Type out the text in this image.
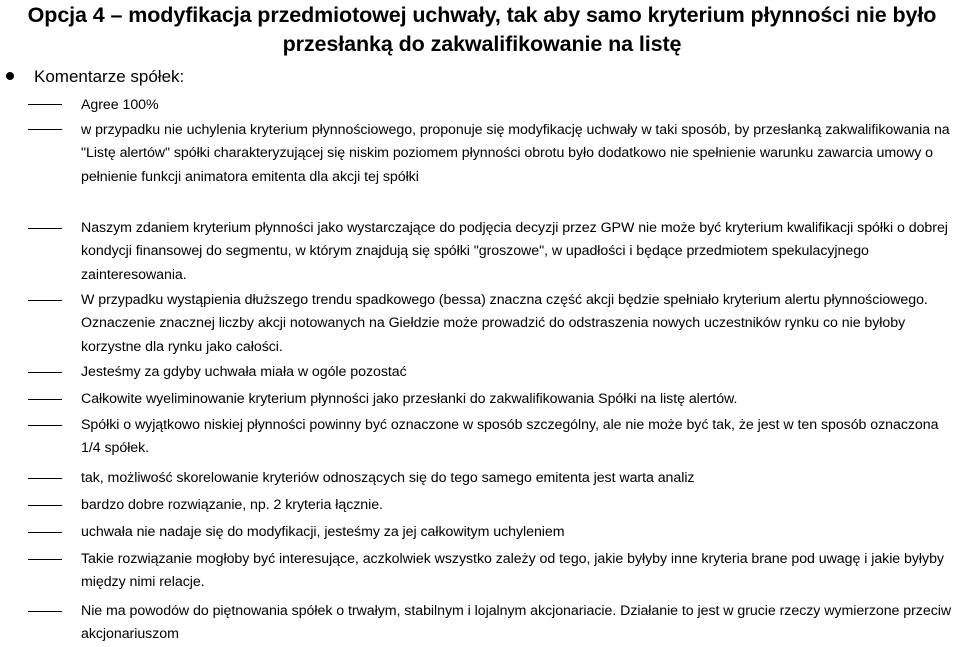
Opcja 4 – modyfikacja przedmiotowej uchwały, tak aby samo kryterium płynności nie było przesłanką do zakwalifikowanie na listę
Komentarze spółek:
Agree 100%
w przypadku nie uchylenia kryterium płynnościowego, proponuje się modyfikację uchwały w taki sposób, by przesłanką zakwalifikowania na "Listę alertów" spółki charakteryzującej się niskim poziomem płynności obrotu było dodatkowo nie spełnienie warunku zawarcia umowy o pełnienie funkcji animatora emitenta dla akcji tej spółki
Naszym zdaniem kryterium płynności jako wystarczające do podjęcia decyzji przez GPW nie może być kryterium kwalifikacji spółki o dobrej kondycji finansowej do segmentu, w którym znajdują się spółki "groszowe", w upadłości i będące przedmiotem spekulacyjnego zainteresowania.
W przypadku wystąpienia dłuższego trendu spadkowego (bessa) znaczna część akcji będzie spełniało kryterium alertu płynnościowego. Oznaczenie znacznej liczby akcji notowanych na Giełdzie może prowadzić do odstraszenia nowych uczestników rynku co nie byłoby korzystne dla rynku jako całości.
Jesteśmy za gdyby uchwała miała w ogóle pozostać
Całkowite wyeliminowanie kryterium płynności jako przesłanki do zakwalifikowania Spółki na listę alertów.
Spółki o wyjątkowo niskiej płynności powinny być oznaczone w sposób szczególny, ale nie może być tak, że jest w ten sposób oznaczona 1/4 spółek.
tak, możliwość skorelowanie kryteriów odnoszących się do tego samego emitenta jest warta analiz
bardzo dobre rozwiązanie, np. 2 kryteria łącznie.
uchwała nie nadaje się do modyfikacji, jesteśmy za jej całkowitym uchyleniem
Takie rozwiązanie mogłoby być interesujące, aczkolwiek wszystko zależy od tego, jakie byłyby inne kryteria brane pod uwagę i jakie byłyby między nimi relacje.
Nie ma powodów do piętnowania spółek o trwałym, stabilnym i lojalnym akcjonariacie. Działanie to jest w grucie rzeczy wymierzone przeciw akcjonariuszom
